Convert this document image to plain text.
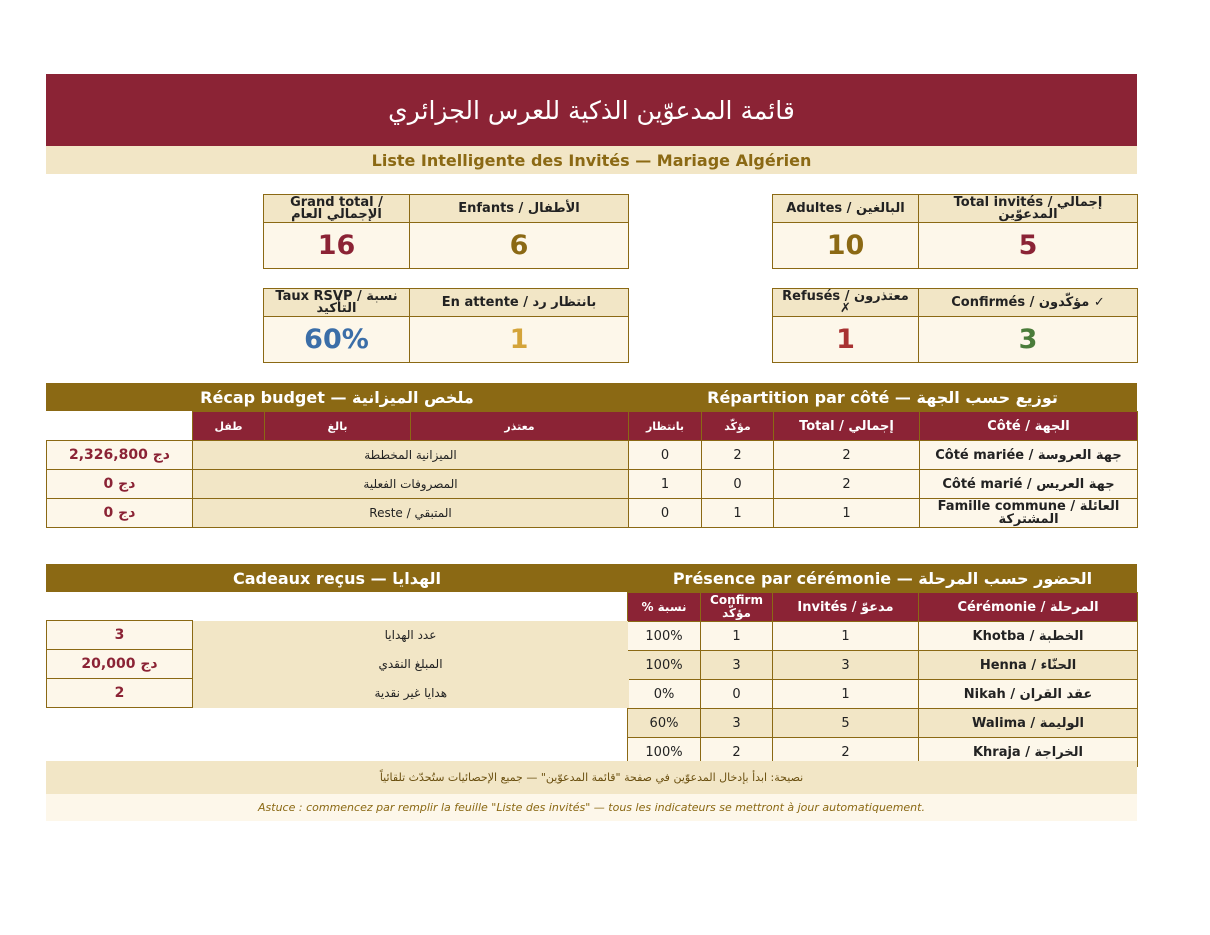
قائمة المدعوّين الذكية للعرس الجزائري
Liste Intelligente des Invités — Mariage Algérien
Grand total / الإجمالي العام	Enfants / الأطفال
16	6
Adultes / البالغين	Total invités / إجمالي المدعوّين
10	5
Taux RSVP / نسبة التأكيد	En attente / بانتظار رد
60%	1
Refusés / معتذرون ✗	Confirmés / مؤكّدون ✓
1	3
Récap budget — ملخص الميزانية	Répartition par côté — توزيع حسب الجهة
	طفل	بالغ	معتذر	بانتظار	مؤكّد	Total / إجمالي	Côté / الجهة
2,326,800 دج	الميزانية المخططة			0	2	2	Côté mariée / جهة العروسة
0 دج	المصروفات الفعلية			1	0	2	Côté marié / جهة العريس
0 دج	Reste / المتبقي			0	1	1	Famille commune / العائلة المشتركة
Cadeaux reçus — الهدايا	Présence par cérémonie — الحضور حسب المرحلة
% نسبة	Confirm مؤكّد	Invités / مدعوّ	Cérémonie / المرحلة
100%	1	1	Khotba / الخطبة
100%	3	3	Henna / الحنّاء
0%	0	1	Nikah / عقد القران
60%	3	5	Walima / الوليمة
100%	2	2	Khraja / الخراجة
3	عدد الهدايا
20,000 دج	المبلغ النقدي
2	هدايا غير نقدية
نصيحة: ابدأ بإدخال المدعوّين في صفحة "قائمة المدعوّين" — جميع الإحصائيات ستُحدّث تلقائياً
Astuce : commencez par remplir la feuille "Liste des invités" — tous les indicateurs se mettront à jour automatiquement.
